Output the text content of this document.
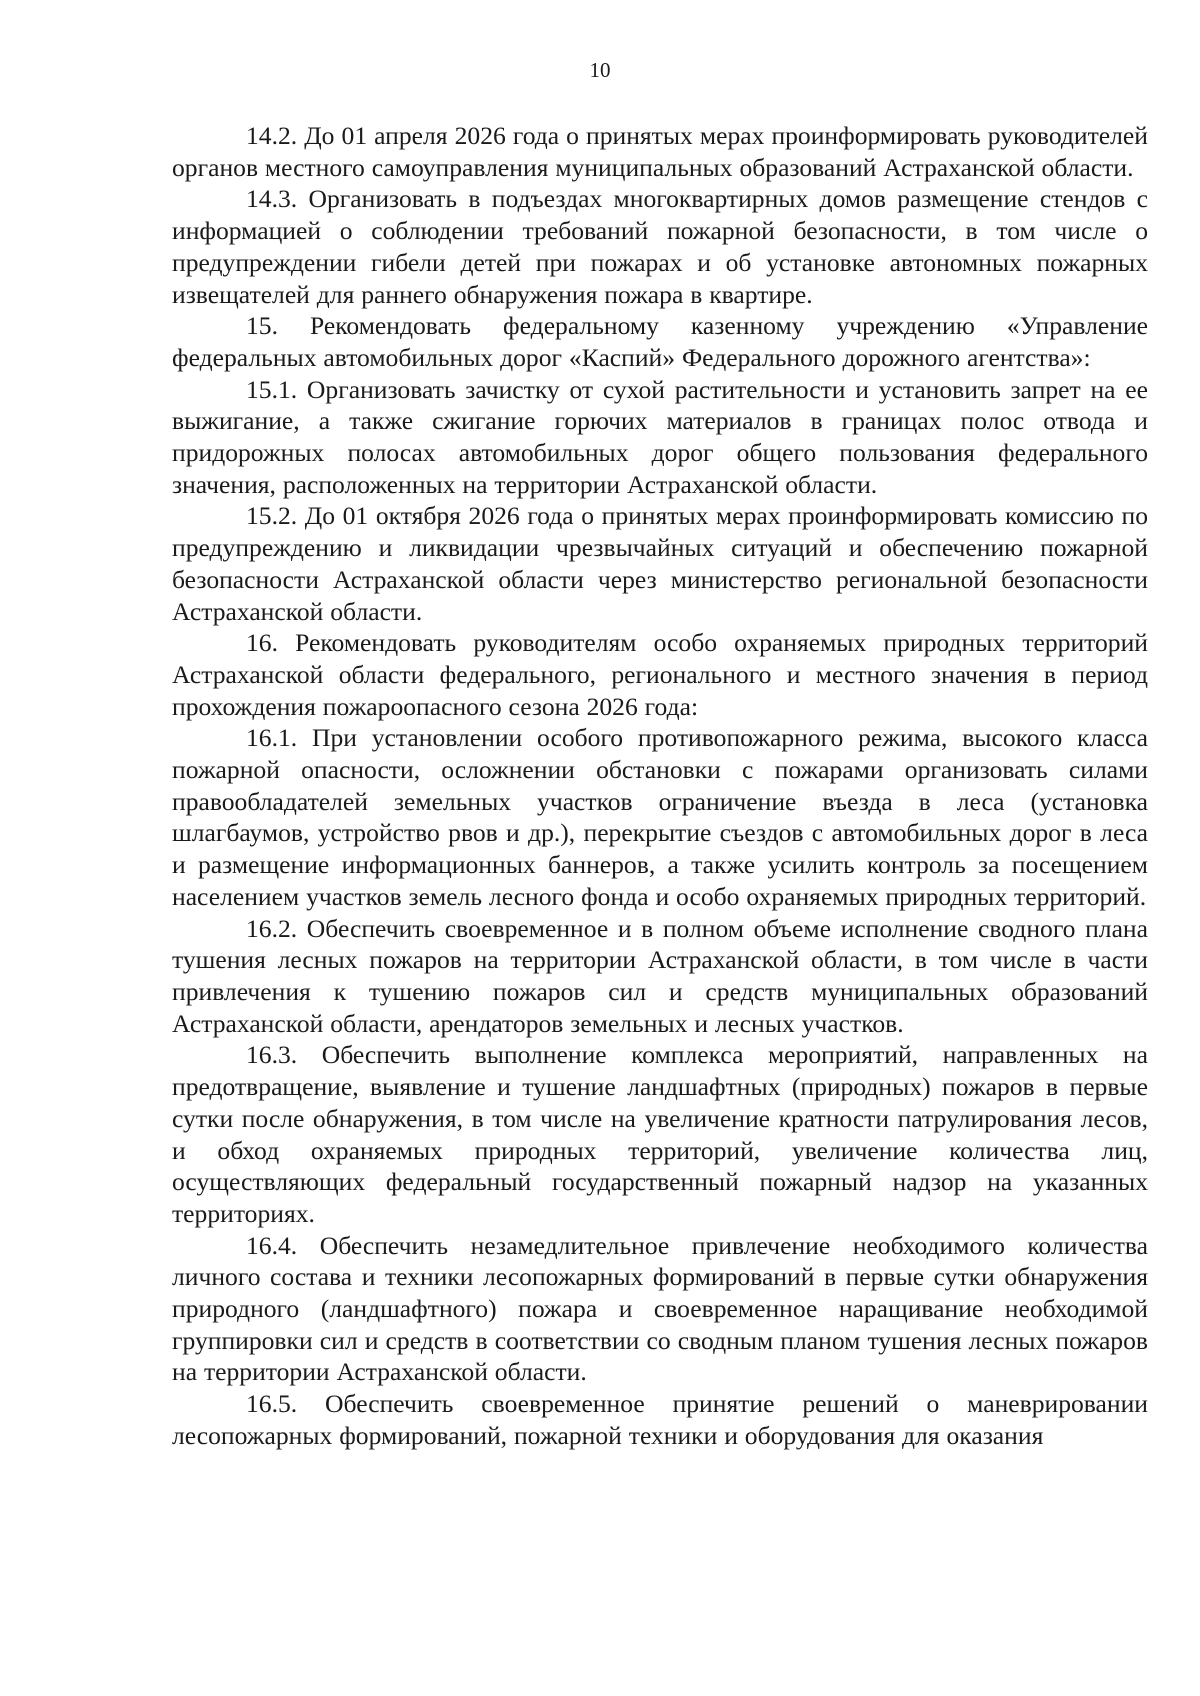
10

14.2. До 01 апреля 2026 года о принятых мерах проинформировать руководителей органов местного самоуправления муниципальных образований Астраханской области.

14.3. Организовать в подъездах многоквартирных домов размещение стендов с информацией о соблюдении требований пожарной безопасности, в том числе о предупреждении гибели детей при пожарах и об установке автономных пожарных извещателей для раннего обнаружения пожара в квартире.

15. Рекомендовать федеральному казенному учреждению «Управление федеральных автомобильных дорог «Каспий» Федерального дорожного агентства»:

15.1. Организовать зачистку от сухой растительности и установить запрет на ее выжигание, а также сжигание горючих материалов в границах полос отвода и придорожных полосах автомобильных дорог общего пользования федерального значения, расположенных на территории Астраханской области.

15.2. До 01 октября 2026 года о принятых мерах проинформировать комиссию по предупреждению и ликвидации чрезвычайных ситуаций и обеспечению пожарной безопасности Астраханской области через министерство региональной безопасности Астраханской области.

16. Рекомендовать руководителям особо охраняемых природных территорий Астраханской области федерального, регионального и местного значения в период прохождения пожароопасного сезона 2026 года:

16.1. При установлении особого противопожарного режима, высокого класса пожарной опасности, осложнении обстановки с пожарами организовать силами правообладателей земельных участков ограничение въезда в леса (установка шлагбаумов, устройство рвов и др.), перекрытие съездов с автомобильных дорог в леса и размещение информационных баннеров, а также усилить контроль за посещением населением участков земель лесного фонда и особо охраняемых природных территорий.

16.2. Обеспечить своевременное и в полном объеме исполнение сводного плана тушения лесных пожаров на территории Астраханской области, в том числе в части привлечения к тушению пожаров сил и средств муниципальных образований Астраханской области, арендаторов земельных и лесных участков.

16.3. Обеспечить выполнение комплекса мероприятий, направленных на предотвращение, выявление и тушение ландшафтных (природных) пожаров в первые сутки после обнаружения, в том числе на увеличение кратности патрулирования лесов, и обход охраняемых природных территорий, увеличение количества лиц, осуществляющих федеральный государственный пожарный надзор на указанных территориях.

16.4. Обеспечить незамедлительное привлечение необходимого количества личного состава и техники лесопожарных формирований в первые сутки обнаружения природного (ландшафтного) пожара и своевременное наращивание необходимой группировки сил и средств в соответствии со сводным планом тушения лесных пожаров на территории Астраханской области.

16.5. Обеспечить своевременное принятие решений о маневрировании лесопожарных формирований, пожарной техники и оборудования для оказания
